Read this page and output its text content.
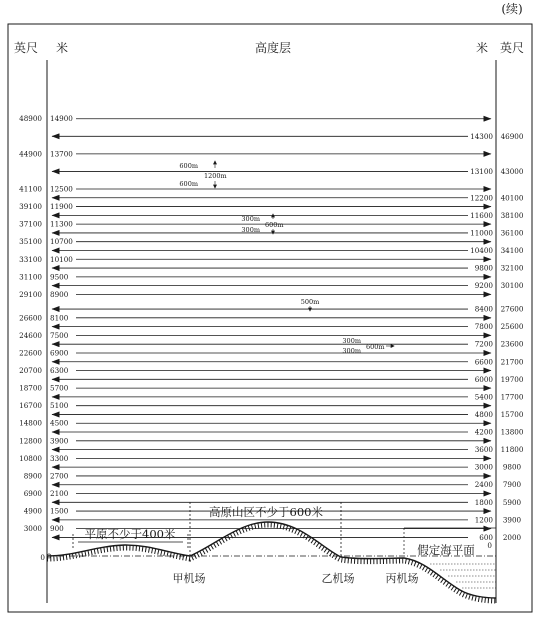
(续)
英尺 米	高度层	米 英尺
48900 14900
44900 13700
41100 12500
39100 11900
37100 11300
35100 10700
33100 10100
31100 9500
29100 8900
26600 8100
24600 7500
22600 6900
20700 6300
18700 5700
16700 5100
14800 4500
12800 3900
10800 3300
8900 2700
6900 2100
4900 1500
3000 900
14300 46900
13100 43000
12200 40100
11600 38100
11000 36100
10400 34100
9800 32100
9200 30100
8400 27600
7800 25600
7200 23600
6600 21700
6000 19700
5400 17700
4800 15700
4200 13800
3600 11800
3000 9800
2400 7900
1800 5900
1200 3900
600 2000
600m
1200m
600m
300m
600m
300m
500m
300m
600m
300m
平原不少于400米
高原山区不少于600米
假定海平面
0
0
甲机场	乙机场	丙机场
